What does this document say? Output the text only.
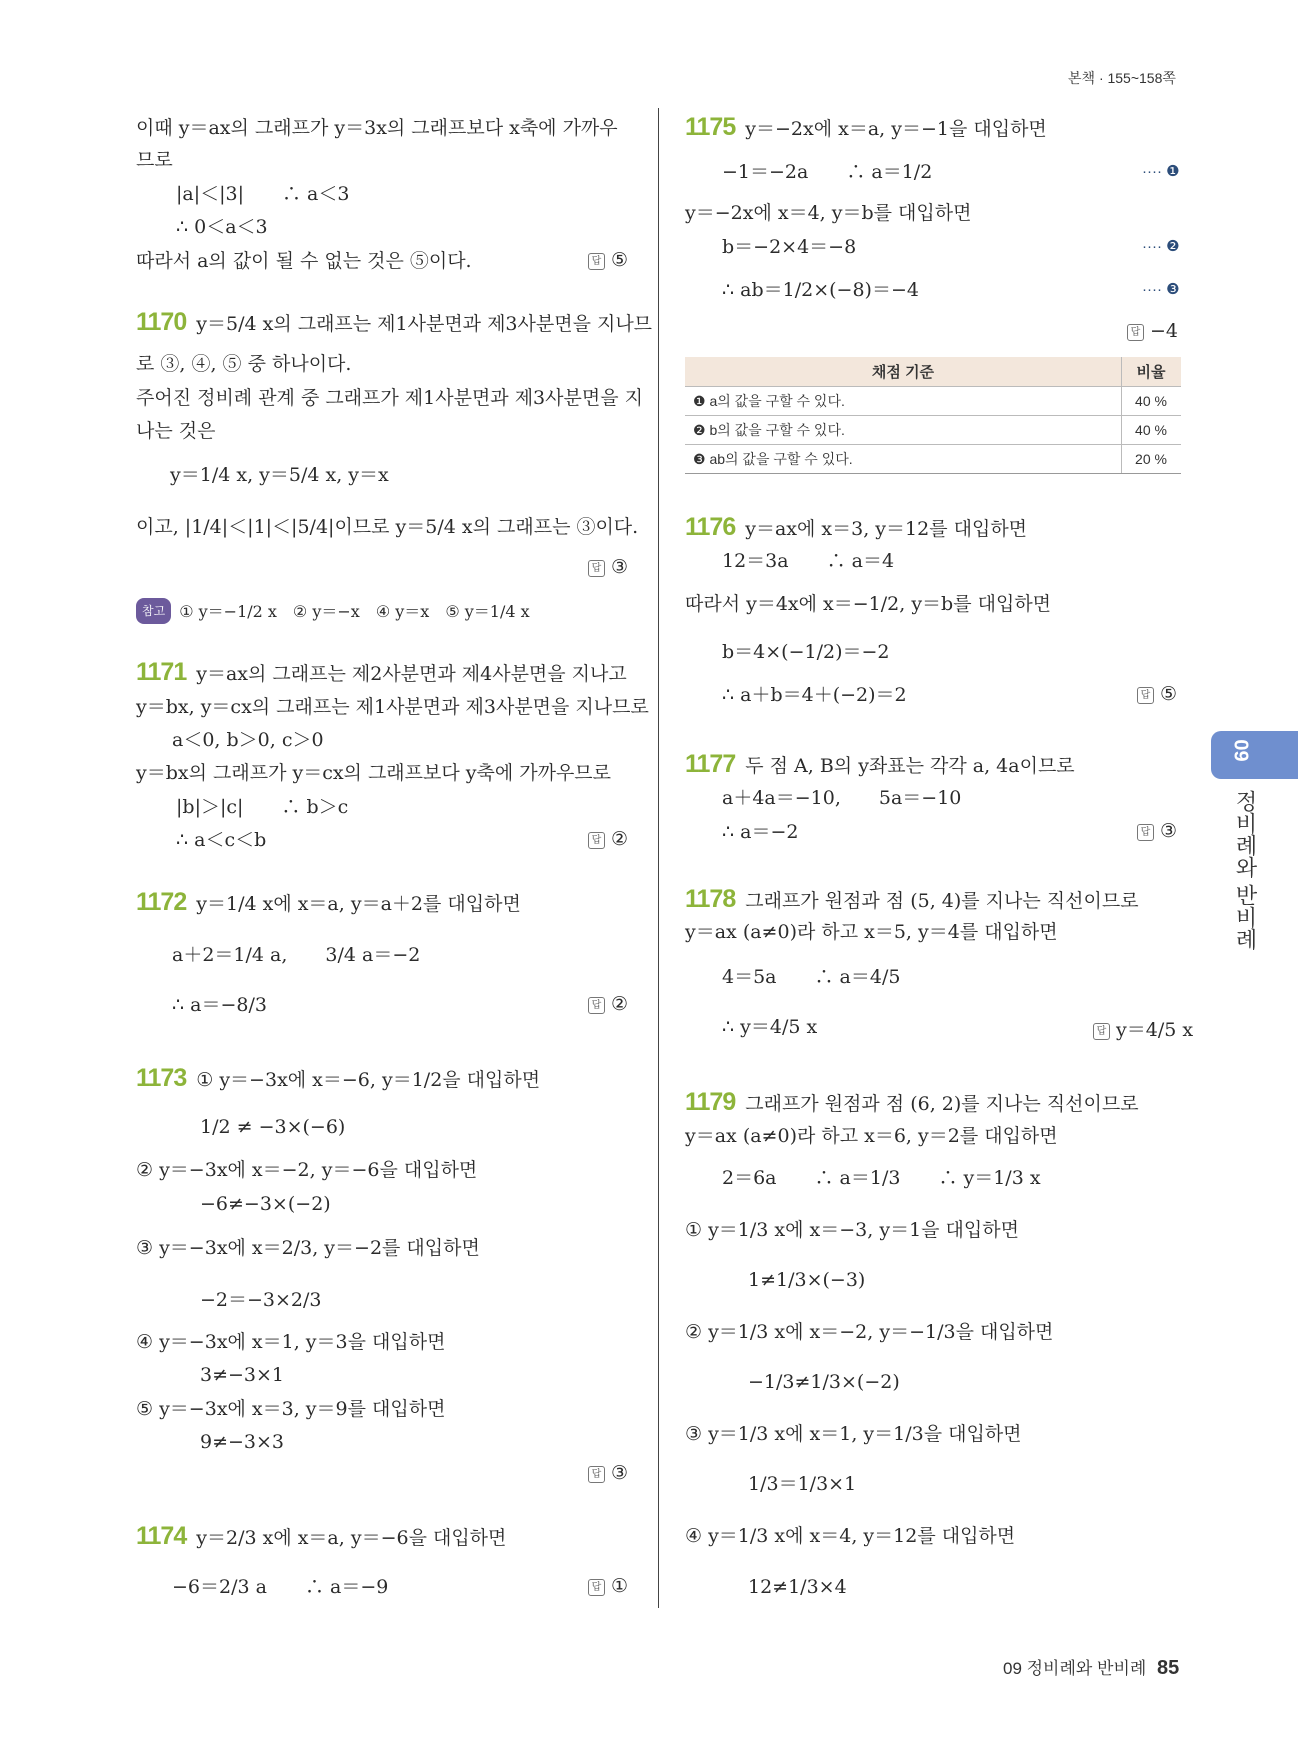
본책 · 155~158쪽
이때 y＝ax의 그래프가 y＝3x의 그래프보다 x축에 가까우
므로
|a|＜|3|　　∴ a＜3
∴ 0＜a＜3
따라서 a의 값이 될 수 없는 것은 ⑤이다.	답 ⑤
1170 y＝5/4 x의 그래프는 제1사분면과 제3사분면을 지나므
로 ③, ④, ⑤ 중 하나이다.
주어진 정비례 관계 중 그래프가 제1사분면과 제3사분면을 지
나는 것은
y＝1/4 x, y＝5/4 x, y＝x
이고, |1/4|＜|1|＜|5/4|이므로 y＝5/4 x의 그래프는 ③이다.
답 ③
참고 ① y＝−1/2 x　② y＝−x　④ y＝x　⑤ y＝1/4 x
1171 y＝ax의 그래프는 제2사분면과 제4사분면을 지나고
y＝bx, y＝cx의 그래프는 제1사분면과 제3사분면을 지나므로
a＜0, b＞0, c＞0
y＝bx의 그래프가 y＝cx의 그래프보다 y축에 가까우므로
|b|＞|c|　　∴ b＞c
∴ a＜c＜b	답 ②
1172 y＝1/4 x에 x＝a, y＝a＋2를 대입하면
a＋2＝1/4 a,　　3/4 a＝−2
∴ a＝−8/3	답 ②
1173 ① y＝−3x에 x＝−6, y＝1/2을 대입하면
1/2 ≠ −3×(−6)
② y＝−3x에 x＝−2, y＝−6을 대입하면
−6≠−3×(−2)
③ y＝−3x에 x＝2/3, y＝−2를 대입하면
−2＝−3×2/3
④ y＝−3x에 x＝1, y＝3을 대입하면
3≠−3×1
⑤ y＝−3x에 x＝3, y＝9를 대입하면
9≠−3×3
답 ③
1174 y＝2/3 x에 x＝a, y＝−6을 대입하면
−6＝2/3 a　　∴ a＝−9	답 ①
1175 y＝−2x에 x＝a, y＝−1을 대입하면
−1＝−2a　　∴ a＝1/2	···· ❶
y＝−2x에 x＝4, y＝b를 대입하면
b＝−2×4＝−8	···· ❷
∴ ab＝1/2×(−8)＝−4	···· ❸
답 −4
채점 기준	비율
❶ a의 값을 구할 수 있다.	40 %
❷ b의 값을 구할 수 있다.	40 %
❸ ab의 값을 구할 수 있다.	20 %
1176 y＝ax에 x＝3, y＝12를 대입하면
12＝3a　　∴ a＝4
따라서 y＝4x에 x＝−1/2, y＝b를 대입하면
b＝4×(−1/2)＝−2
∴ a＋b＝4＋(−2)＝2	답 ⑤
1177 두 점 A, B의 y좌표는 각각 a, 4a이므로
a＋4a＝−10,　　5a＝−10
∴ a＝−2	답 ③
1178 그래프가 원점과 점 (5, 4)를 지나는 직선이므로
y＝ax (a≠0)라 하고 x＝5, y＝4를 대입하면
4＝5a　　∴ a＝4/5
∴ y＝4/5 x	답 y＝4/5 x
1179 그래프가 원점과 점 (6, 2)를 지나는 직선이므로
y＝ax (a≠0)라 하고 x＝6, y＝2를 대입하면
2＝6a　　∴ a＝1/3　　∴ y＝1/3 x
① y＝1/3 x에 x＝−3, y＝1을 대입하면
1≠1/3×(−3)
② y＝1/3 x에 x＝−2, y＝−1/3을 대입하면
−1/3≠1/3×(−2)
③ y＝1/3 x에 x＝1, y＝1/3을 대입하면
1/3＝1/3×1
④ y＝1/3 x에 x＝4, y＝12를 대입하면
12≠1/3×4
09
정비례와 반비례
09 정비례와 반비례 85
